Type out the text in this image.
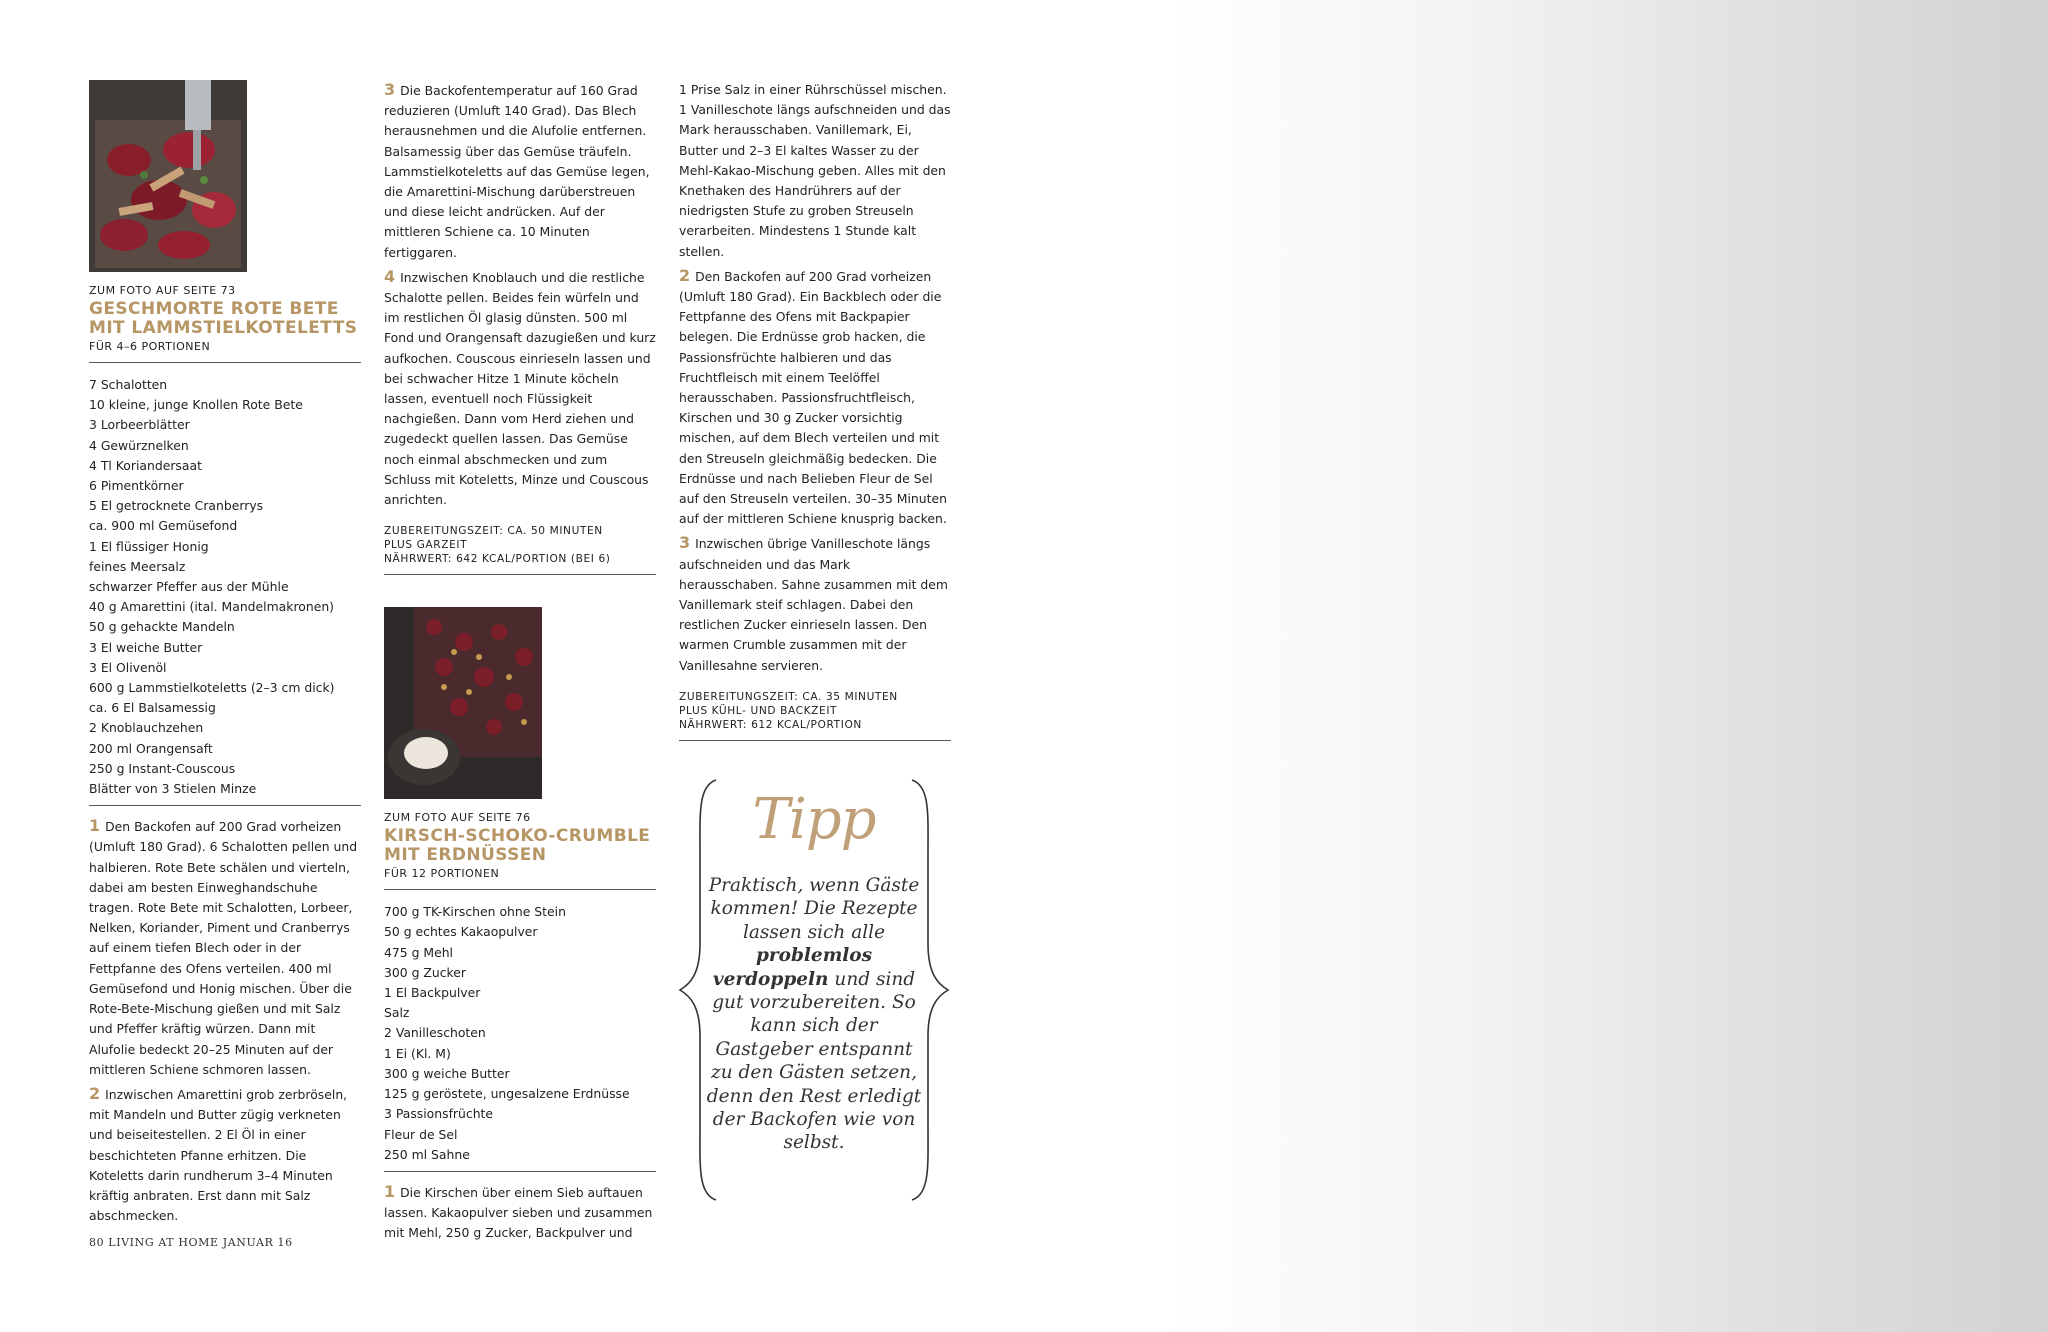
ZUM FOTO AUF SEITE 73
GESCHMORTE ROTE BETE
MIT LAMMSTIELKOTELETTS
FÜR 4–6 PORTIONEN
7 Schalotten
10 kleine, junge Knollen Rote Bete
3 Lorbeerblätter
4 Gewürznelken
4 Tl Koriandersaat
6 Pimentkörner
5 El getrocknete Cranberrys
ca. 900 ml Gemüsefond
1 El flüssiger Honig
feines Meersalz
schwarzer Pfeffer aus der Mühle
40 g Amarettini (ital. Mandelmakronen)
50 g gehackte Mandeln
3 El weiche Butter
3 El Olivenöl
600 g Lammstielkoteletts (2–3 cm dick)
ca. 6 El Balsamessig
2 Knoblauchzehen
200 ml Orangensaft
250 g Instant-Couscous
Blätter von 3 Stielen Minze
1 Den Backofen auf 200 Grad vorheizen (Umluft 180 Grad). 6 Schalotten pellen und halbieren. Rote Bete schälen und vierteln, dabei am besten Einweghandschuhe tragen. Rote Bete mit Schalotten, Lorbeer, Nelken, Koriander, Piment und Cranberrys auf einem tiefen Blech oder in der Fettpfanne des Ofens verteilen. 400 ml Gemüsefond und Honig mischen. Über die Rote-Bete-Mischung gießen und mit Salz und Pfeffer kräftig würzen. Dann mit Alufolie bedeckt 20–25 Minuten auf der mittleren Schiene schmoren lassen.
2 Inzwischen Amarettini grob zerbröseln, mit Mandeln und Butter zügig verkneten und beiseitestellen. 2 El Öl in einer beschichteten Pfanne erhitzen. Die Koteletts darin rundherum 3–4 Minuten kräftig anbraten. Erst dann mit Salz abschmecken.
3 Die Backofentemperatur auf 160 Grad reduzieren (Umluft 140 Grad). Das Blech herausnehmen und die Alufolie entfernen. Balsamessig über das Gemüse träufeln. Lammstielkoteletts auf das Gemüse legen, die Amarettini-Mischung darüberstreuen und diese leicht andrücken. Auf der mittleren Schiene ca. 10 Minuten fertiggaren.
4 Inzwischen Knoblauch und die restliche Schalotte pellen. Beides fein würfeln und im restlichen Öl glasig dünsten. 500 ml Fond und Orangensaft dazugießen und kurz aufkochen. Couscous einrieseln lassen und bei schwacher Hitze 1 Minute köcheln lassen, eventuell noch Flüssigkeit nachgießen. Dann vom Herd ziehen und zugedeckt quellen lassen. Das Gemüse noch einmal abschmecken und zum Schluss mit Koteletts, Minze und Couscous anrichten.
ZUBEREITUNGSZEIT: CA. 50 MINUTEN
PLUS GARZEIT
NÄHRWERT: 642 KCAL/PORTION (BEI 6)
ZUM FOTO AUF SEITE 76
KIRSCH-SCHOKO-CRUMBLE
MIT ERDNÜSSEN
FÜR 12 PORTIONEN
700 g TK-Kirschen ohne Stein
50 g echtes Kakaopulver
475 g Mehl
300 g Zucker
1 El Backpulver
Salz
2 Vanilleschoten
1 Ei (Kl. M)
300 g weiche Butter
125 g geröstete, ungesalzene Erdnüsse
3 Passionsfrüchte
Fleur de Sel
250 ml Sahne
1 Die Kirschen über einem Sieb auftauen lassen. Kakaopulver sieben und zusammen mit Mehl, 250 g Zucker, Backpulver und
1 Prise Salz in einer Rührschüssel mischen. 1 Vanilleschote längs aufschneiden und das Mark herausschaben. Vanillemark, Ei, Butter und 2–3 El kaltes Wasser zu der Mehl-Kakao-Mischung geben. Alles mit den Knethaken des Handrührers auf der niedrigsten Stufe zu groben Streuseln verarbeiten. Mindestens 1 Stunde kalt stellen.
2 Den Backofen auf 200 Grad vorheizen (Umluft 180 Grad). Ein Backblech oder die Fettpfanne des Ofens mit Backpapier belegen. Die Erdnüsse grob hacken, die Passionsfrüchte halbieren und das Fruchtfleisch mit einem Teelöffel herausschaben. Passionsfruchtfleisch, Kirschen und 30 g Zucker vorsichtig mischen, auf dem Blech verteilen und mit den Streuseln gleichmäßig bedecken. Die Erdnüsse und nach Belieben Fleur de Sel auf den Streuseln verteilen. 30–35 Minuten auf der mittleren Schiene knusprig backen.
3 Inzwischen übrige Vanilleschote längs aufschneiden und das Mark herausschaben. Sahne zusammen mit dem Vanillemark steif schlagen. Dabei den restlichen Zucker einrieseln lassen. Den warmen Crumble zusammen mit der Vanillesahne servieren.
ZUBEREITUNGSZEIT: CA. 35 MINUTEN
PLUS KÜHL- UND BACKZEIT
NÄHRWERT: 612 KCAL/PORTION
Tipp
Praktisch, wenn Gäste kommen! Die Rezepte lassen sich alle problemlos verdoppeln und sind gut vorzubereiten. So kann sich der Gastgeber entspannt zu den Gästen setzen, denn den Rest erledigt der Backofen wie von selbst.
80 LIVING AT HOME JANUAR 16
